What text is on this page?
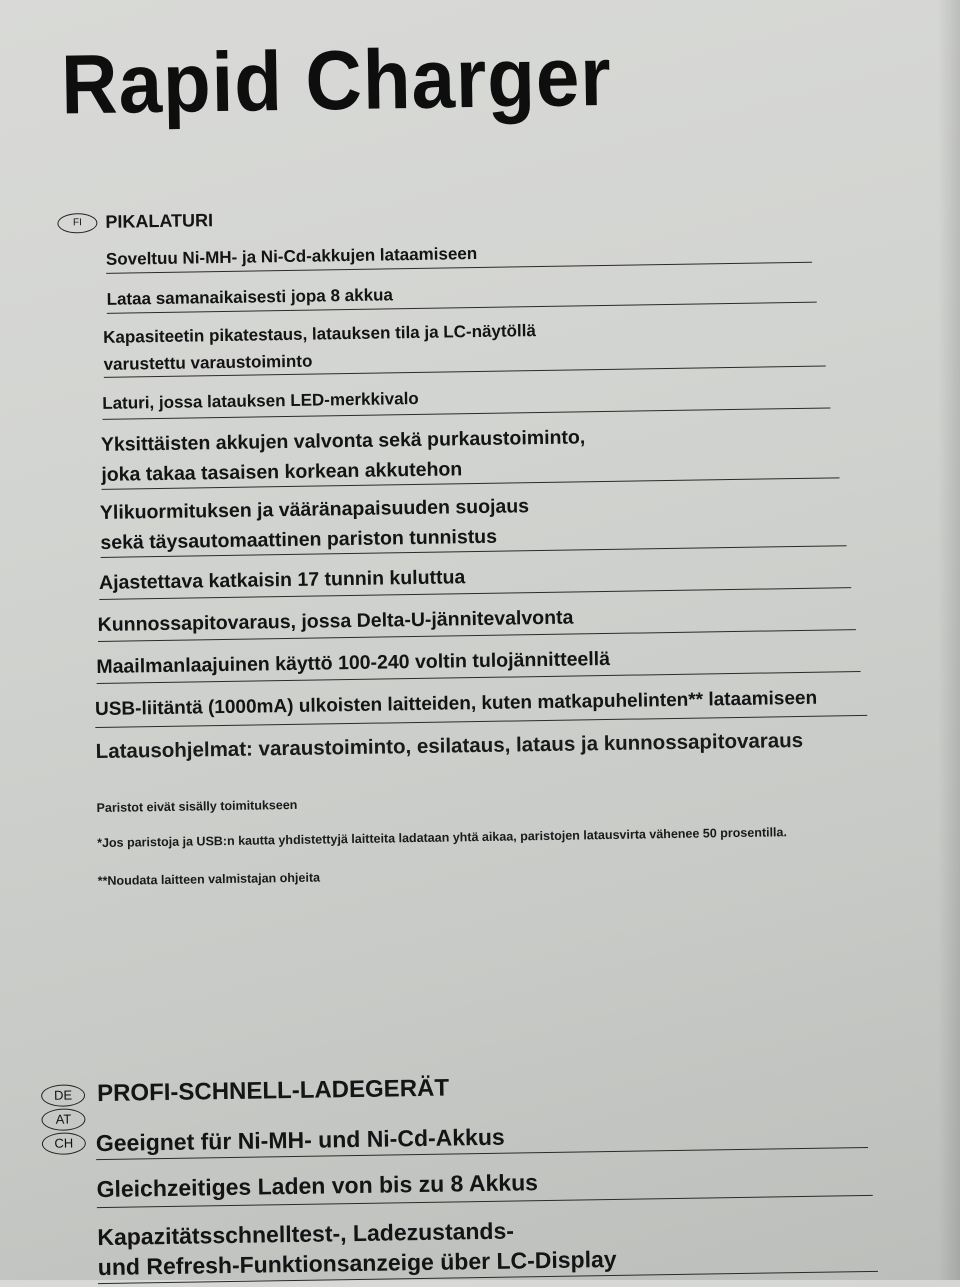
Rapid Charger
FI PIKALATURI
Soveltuu Ni-MH- ja Ni-Cd-akkujen lataamiseen
Lataa samanaikaisesti jopa 8 akkua
Kapasiteetin pikatestaus, latauksen tila ja LC-näytöllä
varustettu varaustoiminto
Laturi, jossa latauksen LED-merkkivalo
Yksittäisten akkujen valvonta sekä purkaustoiminto,
joka takaa tasaisen korkean akkutehon
Ylikuormituksen ja vääränapaisuuden suojaus
sekä täysautomaattinen pariston tunnistus
Ajastettava katkaisin 17 tunnin kuluttua
Kunnossapitovaraus, jossa Delta-U-jännitevalvonta
Maailmanlaajuinen käyttö 100-240 voltin tulojännitteellä
USB-liitäntä (1000mA) ulkoisten laitteiden, kuten matkapuhelinten** lataamiseen
Latausohjelmat: varaustoiminto, esilataus, lataus ja kunnossapitovaraus
Paristot eivät sisälly toimitukseen
*Jos paristoja ja USB:n kautta yhdistettyjä laitteita ladataan yhtä aikaa, paristojen latausvirta vähenee 50 prosentilla.
**Noudata laitteen valmistajan ohjeita
DE
AT
CH
PROFI-SCHNELL-LADEGERÄT
Geeignet für Ni-MH- und Ni-Cd-Akkus
Gleichzeitiges Laden von bis zu 8 Akkus
Kapazitätsschnelltest-, Ladezustands-
und Refresh-Funktionsanzeige über LC-Display
